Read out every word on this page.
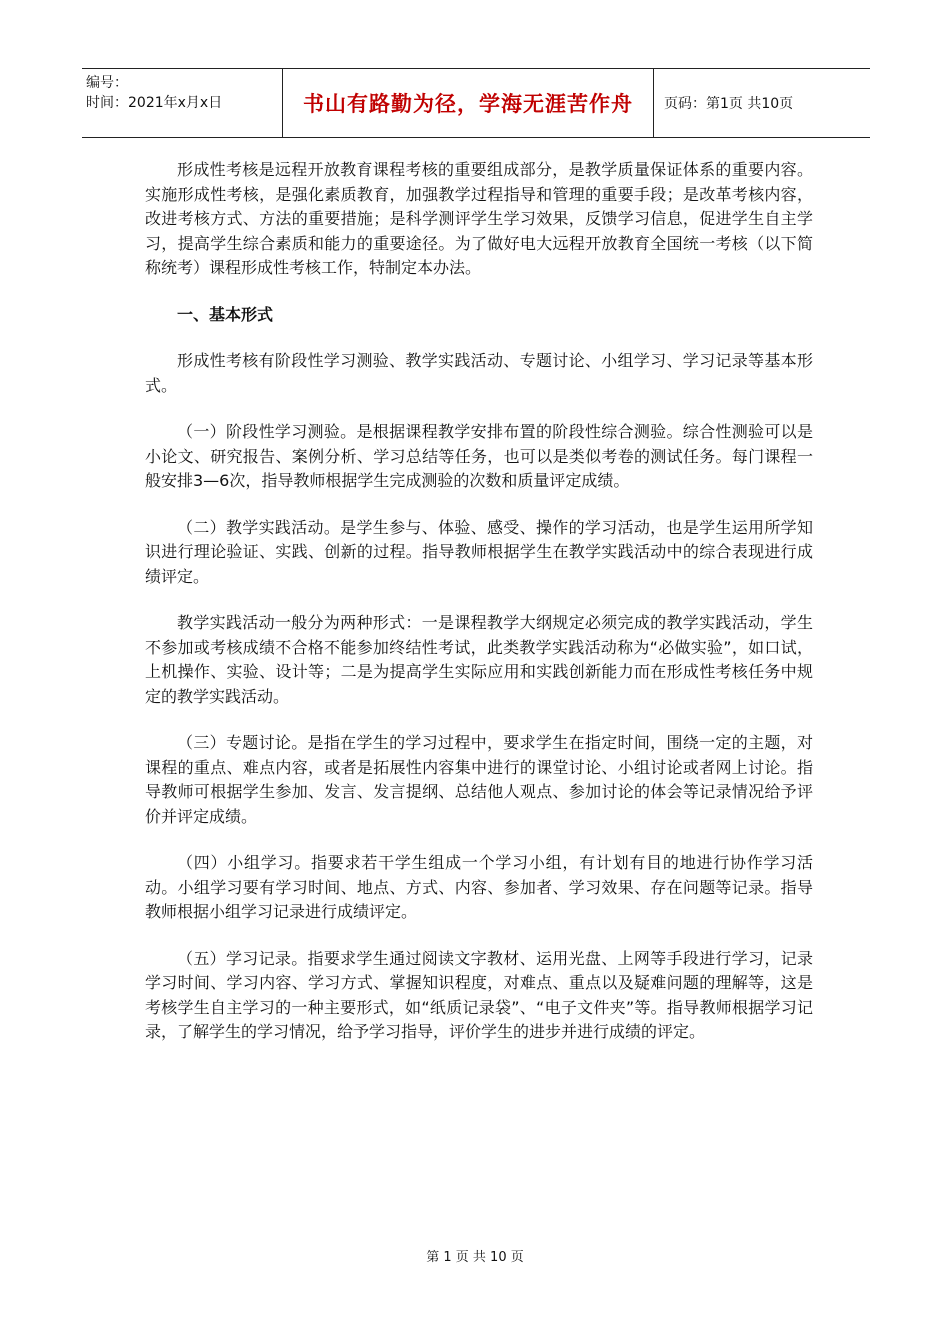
编号：
时间：2021年x月x日	书山有路勤为径，学海无涯苦作舟	页码：第1页 共10页

形成性考核是远程开放教育课程考核的重要组成部分，是教学质量保证体系的重要内容。实施形成性考核，是强化素质教育，加强教学过程指导和管理的重要手段；是改革考核内容，改进考核方式、方法的重要措施；是科学测评学生学习效果，反馈学习信息，促进学生自主学习，提高学生综合素质和能力的重要途径。为了做好电大远程开放教育全国统一考核（以下简称统考）课程形成性考核工作，特制定本办法。

一、基本形式

形成性考核有阶段性学习测验、教学实践活动、专题讨论、小组学习、学习记录等基本形式。

（一）阶段性学习测验。是根据课程教学安排布置的阶段性综合测验。综合性测验可以是小论文、研究报告、案例分析、学习总结等任务，也可以是类似考卷的测试任务。每门课程一般安排3—6次，指导教师根据学生完成测验的次数和质量评定成绩。

（二）教学实践活动。是学生参与、体验、感受、操作的学习活动，也是学生运用所学知识进行理论验证、实践、创新的过程。指导教师根据学生在教学实践活动中的综合表现进行成绩评定。

教学实践活动一般分为两种形式：一是课程教学大纲规定必须完成的教学实践活动，学生不参加或考核成绩不合格不能参加终结性考试，此类教学实践活动称为“必做实验”，如口试，上机操作、实验、设计等；二是为提高学生实际应用和实践创新能力而在形成性考核任务中规定的教学实践活动。

（三）专题讨论。是指在学生的学习过程中，要求学生在指定时间，围绕一定的主题，对课程的重点、难点内容，或者是拓展性内容集中进行的课堂讨论、小组讨论或者网上讨论。指导教师可根据学生参加、发言、发言提纲、总结他人观点、参加讨论的体会等记录情况给予评价并评定成绩。

（四）小组学习。指要求若干学生组成一个学习小组，有计划有目的地进行协作学习活动。小组学习要有学习时间、地点、方式、内容、参加者、学习效果、存在问题等记录。指导教师根据小组学习记录进行成绩评定。

（五）学习记录。指要求学生通过阅读文字教材、运用光盘、上网等手段进行学习，记录学习时间、学习内容、学习方式、掌握知识程度，对难点、重点以及疑难问题的理解等，这是考核学生自主学习的一种主要形式，如“纸质记录袋”、“电子文件夹”等。指导教师根据学习记录，了解学生的学习情况，给予学习指导，评价学生的进步并进行成绩的评定。

第 1 页 共 10 页
